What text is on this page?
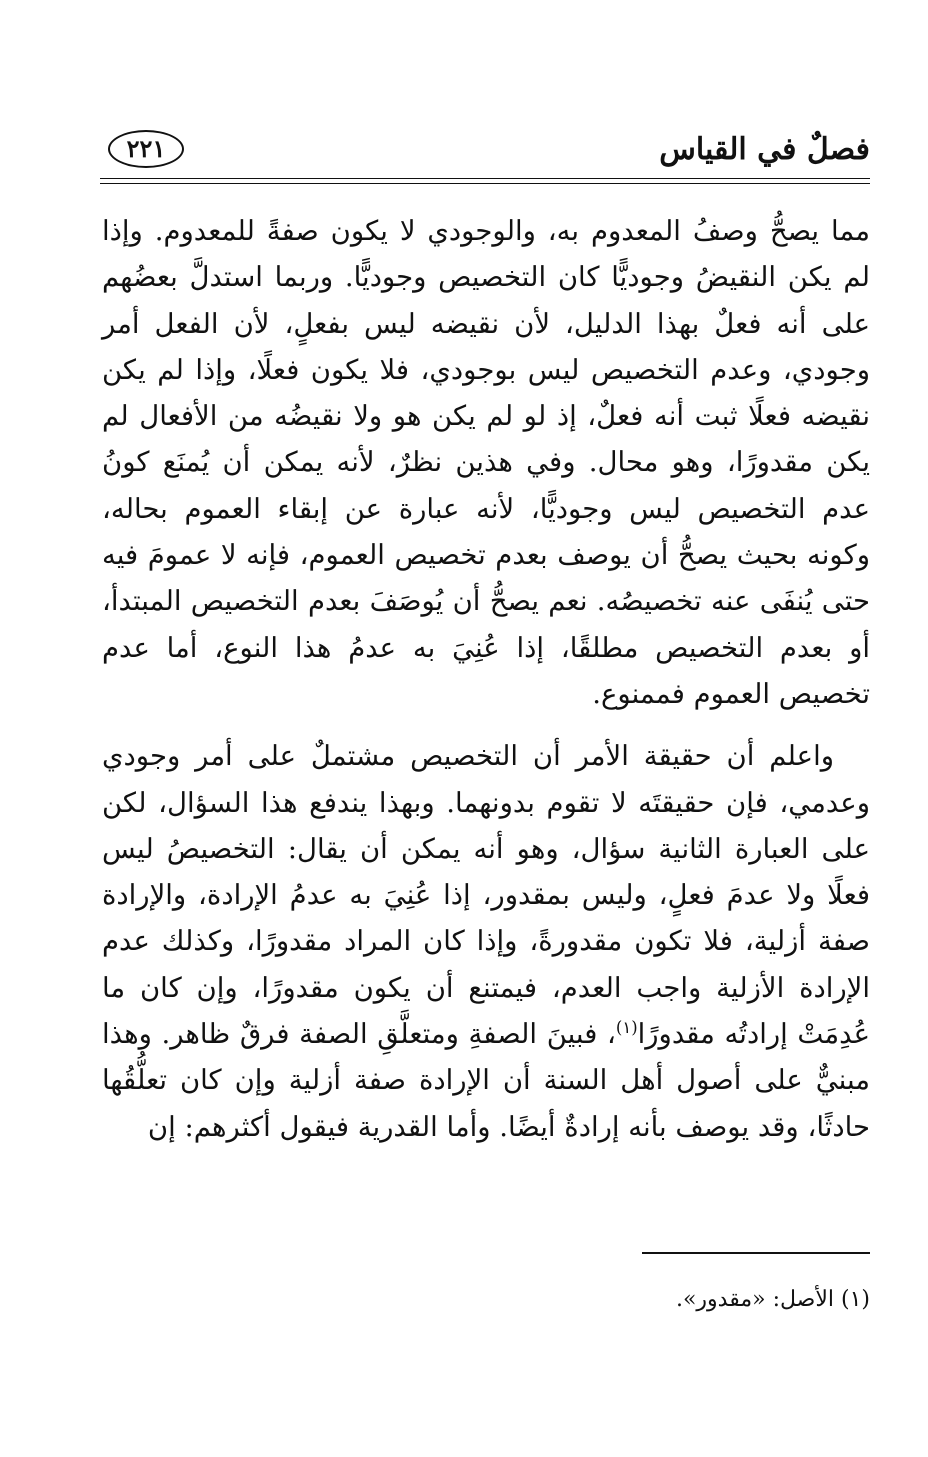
فصلٌ في القياس
٢٢١

مما يصحُّ وصفُ المعدوم به، والوجودي لا يكون صفةً للمعدوم. وإذا لم يكن النقيضُ وجوديًّا كان التخصيص وجوديًّا. وربما استدلَّ بعضُهم على أنه فعلٌ بهذا الدليل، لأن نقيضه ليس بفعلٍ، لأن الفعل أمر وجودي، وعدم التخصيص ليس بوجودي، فلا يكون فعلًا، وإذا لم يكن نقيضه فعلًا ثبت أنه فعلٌ، إذ لو لم يكن هو ولا نقيضُه من الأفعال لم يكن مقدورًا، وهو محال. وفي هذين نظرٌ، لأنه يمكن أن يُمنَع كونُ عدم التخصيص ليس وجوديًّا، لأنه عبارة عن إبقاء العموم بحاله، وكونه بحيث يصحُّ أن يوصف بعدم تخصيص العموم، فإنه لا عمومَ فيه حتى يُنفَى عنه تخصيصُه. نعم يصحُّ أن يُوصَفَ بعدم التخصيص المبتدأ، أو بعدم التخصيص مطلقًا، إذا عُنِيَ به عدمُ هذا النوع، أما عدم تخصيص العموم فممنوع.

واعلم أن حقيقة الأمر أن التخصيص مشتملٌ على أمر وجودي وعدمي، فإن حقيقتَه لا تقوم بدونهما. وبهذا يندفع هذا السؤال، لكن على العبارة الثانية سؤال، وهو أنه يمكن أن يقال: التخصيصُ ليس فعلًا ولا عدمَ فعلٍ، وليس بمقدور، إذا عُنِيَ به عدمُ الإرادة، والإرادة صفة أزلية، فلا تكون مقدورةً، وإذا كان المراد مقدورًا، وكذلك عدم الإرادة الأزلية واجب العدم، فيمتنع أن يكون مقدورًا، وإن كان ما عُدِمَتْ إرادتُه مقدورًا$^{(١)}$، فبينَ الصفةِ ومتعلَّقِ الصفة فرقٌ ظاهر. وهذا مبنيٌّ على أصول أهل السنة أن الإرادة صفة أزلية وإن كان تعلُّقُها حادثًا، وقد يوصف بأنه إرادةٌ أيضًا. وأما القدرية فيقول أكثرهم: إن

(١) الأصل: «مقدور».
